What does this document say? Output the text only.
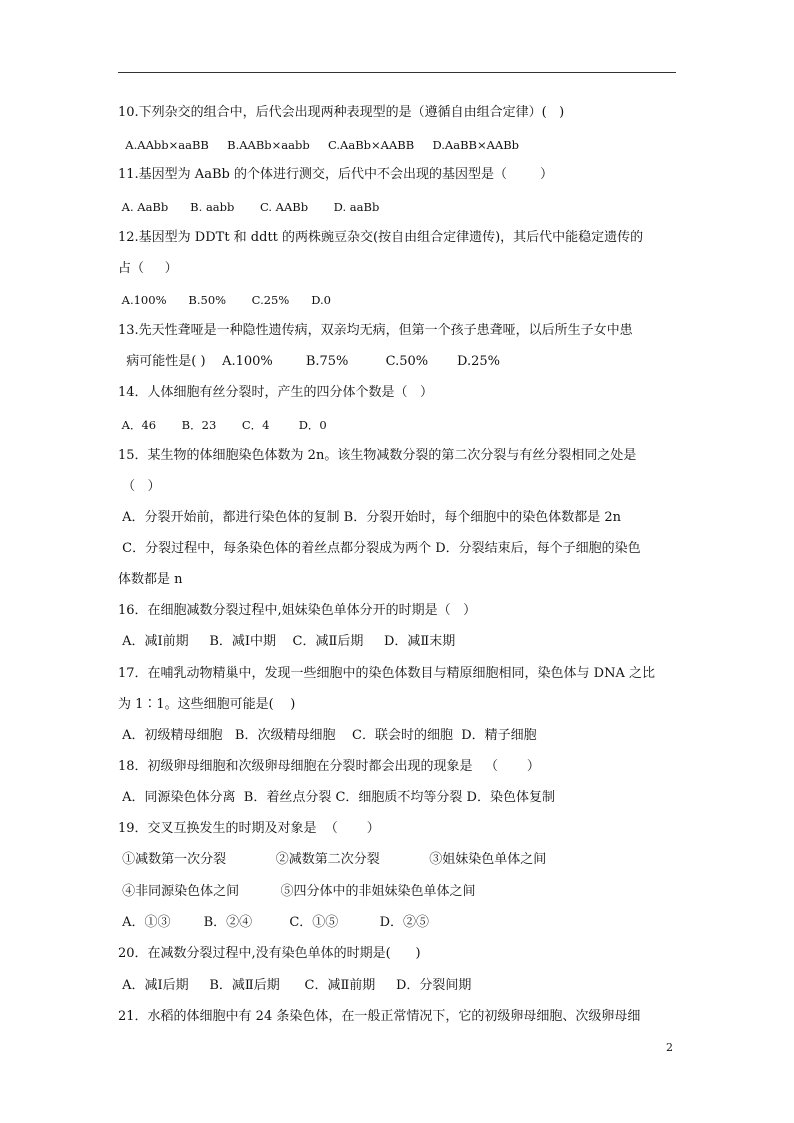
10.下列杂交的组合中，后代会出现两种表现型的是（遵循自由组合定律）(   )
A.AAbb×aaBB     B.AABb×aabb     C.AaBb×AABB     D.AaBB×AABb
11.基因型为 AaBb 的个体进行测交，后代中不会出现的基因型是（        ）
A. AaBb      B. aabb       C. AABb       D. aaBb
12.基因型为 DDTt 和 ddtt 的两株豌豆杂交(按自由组合定律遗传)，其后代中能稳定遗传的
占（     ）
A.100%      B.50%       C.25%      D.0
13.先天性聋哑是一种隐性遗传病，双亲均无病，但第一个孩子患聋哑，以后所生子女中患
病可能性是( )    A.100%        B.75%         C.50%       D.25%
14．人体细胞有丝分裂时，产生的四分体个数是（   ）
A．46       B．23       C．4        D．0
15．某生物的体细胞染色体数为 2n。该生物减数分裂的第二次分裂与有丝分裂相同之处是
（   ）
A．分裂开始前，都进行染色体的复制 B．分裂开始时，每个细胞中的染色体数都是 2n
C．分裂过程中，每条染色体的着丝点都分裂成为两个 D．分裂结束后，每个子细胞的染色
体数都是 n
16．在细胞减数分裂过程中,姐妹染色单体分开的时期是（   ）
A．减Ⅰ前期     B．减Ⅰ中期    C．减Ⅱ后期     D．减Ⅱ末期
17．在哺乳动物精巢中，发现一些细胞中的染色体数目与精原细胞相同，染色体与 DNA 之比
为 1∶1。这些细胞可能是(    )
A．初级精母细胞   B．次级精母细胞    C．联会时的细胞  D．精子细胞
18．初级卵母细胞和次级卵母细胞在分裂时都会出现的现象是   （       ）
A．同源染色体分离  B．着丝点分裂 C．细胞质不均等分裂 D．染色体复制
19．交叉互换发生的时期及对象是  （       ）
①减数第一次分裂            ②减数第二次分裂            ③姐妹染色单体之间
④非同源染色体之间          ⑤四分体中的非姐妹染色单体之间
A．①③        B．②④         C．①⑤          D．②⑤
20．在减数分裂过程中,没有染色单体的时期是(      )
A．减Ⅰ后期     B．减Ⅱ后期      C．减Ⅱ前期     D．分裂间期
21．水稻的体细胞中有 24 条染色体，在一般正常情况下，它的初级卵母细胞、次级卵母细
2
